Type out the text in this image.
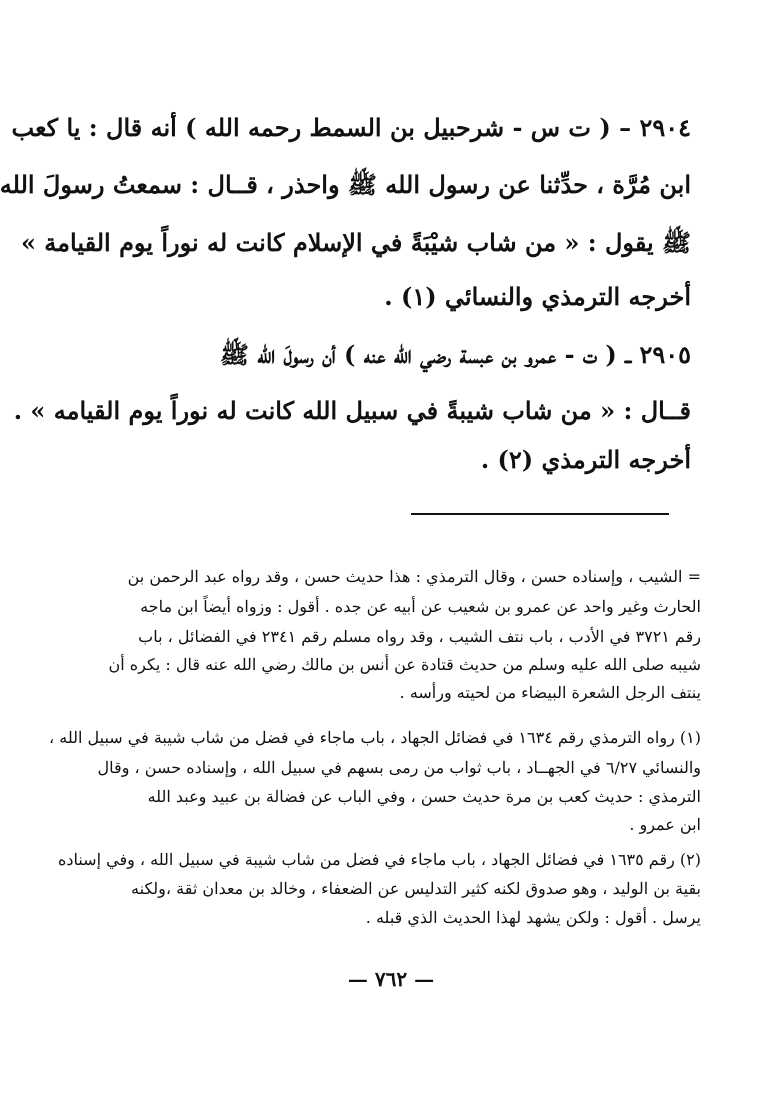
٢٩٠٤ – ( ت س - شرحبيل بن السمط رحمه الله ) أنه قال : يا كعب
ابن مُرَّة ، حدِّثنا عن رسول الله ﷺ واحذر ، قــال : سمعتُ رسولَ الله
ﷺ يقول : « من شاب شيْبَةً في الإسلام كانت له نوراً يوم القيامة »
أخرجه الترمذي والنسائي (١) .
٢٩٠٥ ــ ( ت - عمرو بن عبسة رضي الله عنه ) أن رسولَ الله ﷺ
قــال : « من شاب شيبةً في سبيل الله كانت له نوراً يوم القيامه » .
أخرجه الترمذي (٢) .
= الشيب ، وإسناده حسن ، وقال الترمذي : هذا حديث حسن ، وقد رواه عبد الرحمن بن
الحارث وغير واحد عن عمرو بن شعيب عن أبيه عن جده . أقول : وزواه أيضاً ابن ماجه
رقم ٣٧٢١ في الأدب ، باب نتف الشيب ، وقد رواه مسلم رقم ٢٣٤١ في الفضائل ، باب
شيبه صلى الله عليه وسلم من حديث قتادة عن أنس بن مالك رضي الله عنه قال : يكره أن
ينتف الرجل الشعرة البيضاء من لحيته ورأسه .
(١) رواه الترمذي رقم ١٦٣٤ في فضائل الجهاد ، باب ماجاء في فضل من شاب شيبة في سبيل الله ،
والنسائي ٦/٢٧ في الجهــاد ، باب ثواب من رمى بسهم في سبيل الله ، وإسناده حسن ، وقال
الترمذي : حديث كعب بن مرة حديث حسن ، وفي الباب عن فضالة بن عبيد وعبد الله
ابن عمرو .
(٢) رقم ١٦٣٥ في فضائل الجهاد ، باب ماجاء في فضل من شاب شيبة في سبيل الله ، وفي إسناده
بقية بن الوليد ، وهو صدوق لكنه كثير التدليس عن الضعفاء ، وخالد بن معدان ثقة ،ولكنه
يرسل . أقول : ولكن يشهد لهذا الحديث الذي قبله .
— ٧٦٢ —
